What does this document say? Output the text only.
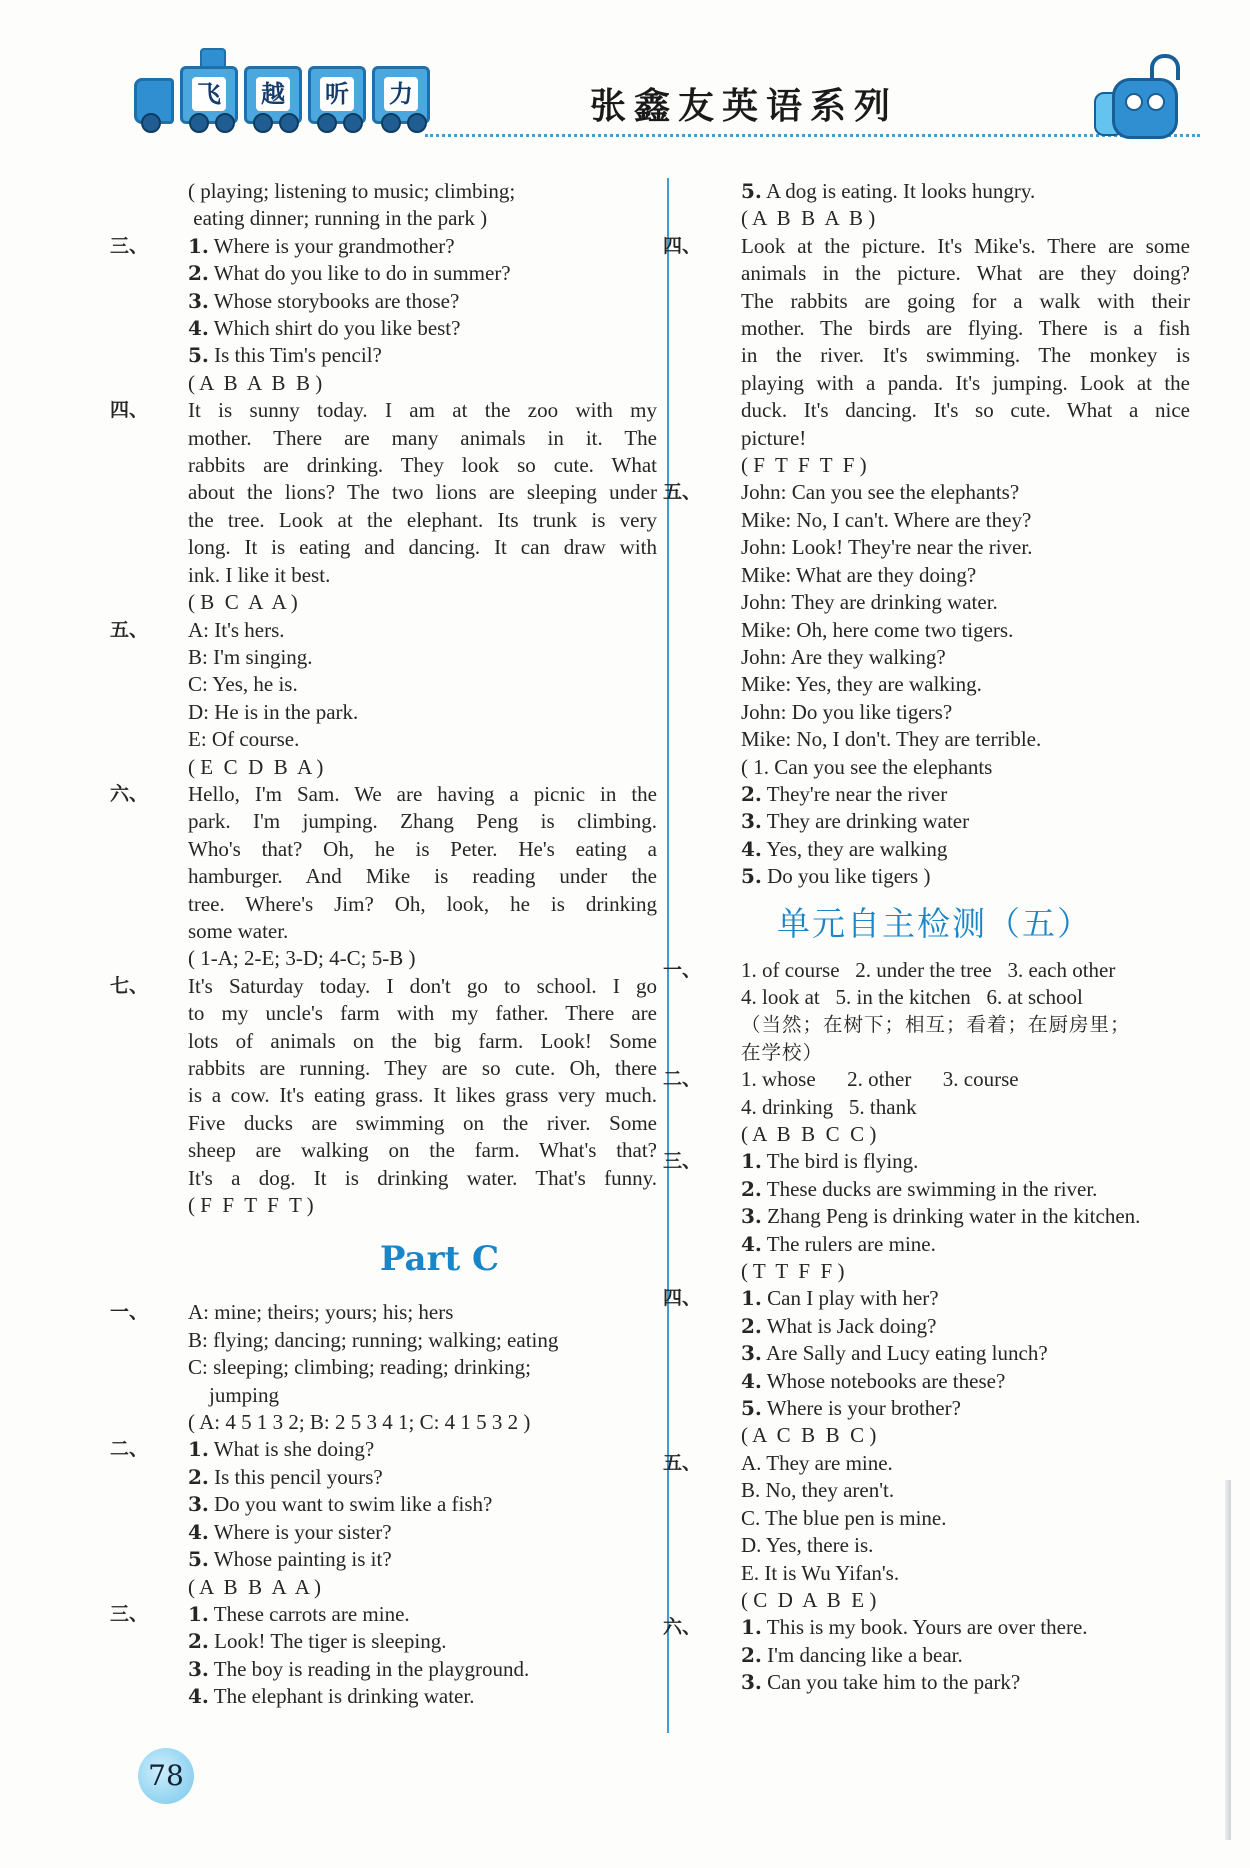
飞 越 听 力	张鑫友英语系列
( playing; listening to music; climbing;
eating dinner; running in the park )
三、	1. Where is your grandmother?
2. What do you like to do in summer?
3. Whose storybooks are those?
4. Which shirt do you like best?
5. Is this Tim's pencil?
( A  B  A  B  B )
四、	It is sunny today. I am at the zoo with my
mother. There are many animals in it. The
rabbits are drinking. They look so cute. What
about the lions? The two lions are sleeping under
the tree. Look at the elephant. Its trunk is very
long. It is eating and dancing. It can draw with
ink. I like it best.
( B  C  A  A )
五、	A: It's hers.
B: I'm singing.
C: Yes, he is.
D: He is in the park.
E: Of course.
( E  C  D  B  A )
六、	Hello, I'm Sam. We are having a picnic in the
park. I'm jumping. Zhang Peng is climbing.
Who's that? Oh, he is Peter. He's eating a
hamburger. And Mike is reading under the
tree. Where's Jim? Oh, look, he is drinking
some water.
( 1-A; 2-E; 3-D; 4-C; 5-B )
七、	It's Saturday today. I don't go to school. I go
to my uncle's farm with my father. There are
lots of animals on the big farm. Look! Some
rabbits are running. They are so cute. Oh, there
is a cow. It's eating grass. It likes grass very much.
Five ducks are swimming on the river. Some
sheep are walking on the farm. What's that?
It's a dog. It is drinking water. That's funny.
( F  F  T  F  T )
Part C
一、	A: mine; theirs; yours; his; hers
B: flying; dancing; running; walking; eating
C: sleeping; climbing; reading; drinking;
jumping
( A: 4 5 1 3 2; B: 2 5 3 4 1; C: 4 1 5 3 2 )
二、	1. What is she doing?
2. Is this pencil yours?
3. Do you want to swim like a fish?
4. Where is your sister?
5. Whose painting is it?
( A  B  B  A  A )
三、	1. These carrots are mine.
2. Look! The tiger is sleeping.
3. The boy is reading in the playground.
4. The elephant is drinking water.
5. A dog is eating. It looks hungry.
( A  B  B  A  B )
四、	Look at the picture. It's Mike's. There are some
animals in the picture. What are they doing?
The rabbits are going for a walk with their
mother. The birds are flying. There is a fish
in the river. It's swimming. The monkey is
playing with a panda. It's jumping. Look at the
duck. It's dancing. It's so cute. What a nice
picture!
( F  T  F  T  F )
五、	John: Can you see the elephants?
Mike: No, I can't. Where are they?
John: Look! They're near the river.
Mike: What are they doing?
John: They are drinking water.
Mike: Oh, here come two tigers.
John: Are they walking?
Mike: Yes, they are walking.
John: Do you like tigers?
Mike: No, I don't. They are terrible.
( 1. Can you see the elephants
2. They're near the river
3. They are drinking water
4. Yes, they are walking
5. Do you like tigers )
单元自主检测（五）
一、	1. of course   2. under the tree   3. each other
4. look at   5. in the kitchen   6. at school
（当然；在树下；相互；看着；在厨房里；
在学校）
二、	1. whose      2. other      3. course
4. drinking   5. thank
( A  B  B  C  C )
三、	1. The bird is flying.
2. These ducks are swimming in the river.
3. Zhang Peng is drinking water in the kitchen.
4. The rulers are mine.
( T  T  F  F )
四、	1. Can I play with her?
2. What is Jack doing?
3. Are Sally and Lucy eating lunch?
4. Whose notebooks are these?
5. Where is your brother?
( A  C  B  B  C )
五、	A. They are mine.
B. No, they aren't.
C. The blue pen is mine.
D. Yes, there is.
E. It is Wu Yifan's.
( C  D  A  B  E )
六、	1. This is my book. Yours are over there.
2. I'm dancing like a bear.
3. Can you take him to the park?
78
